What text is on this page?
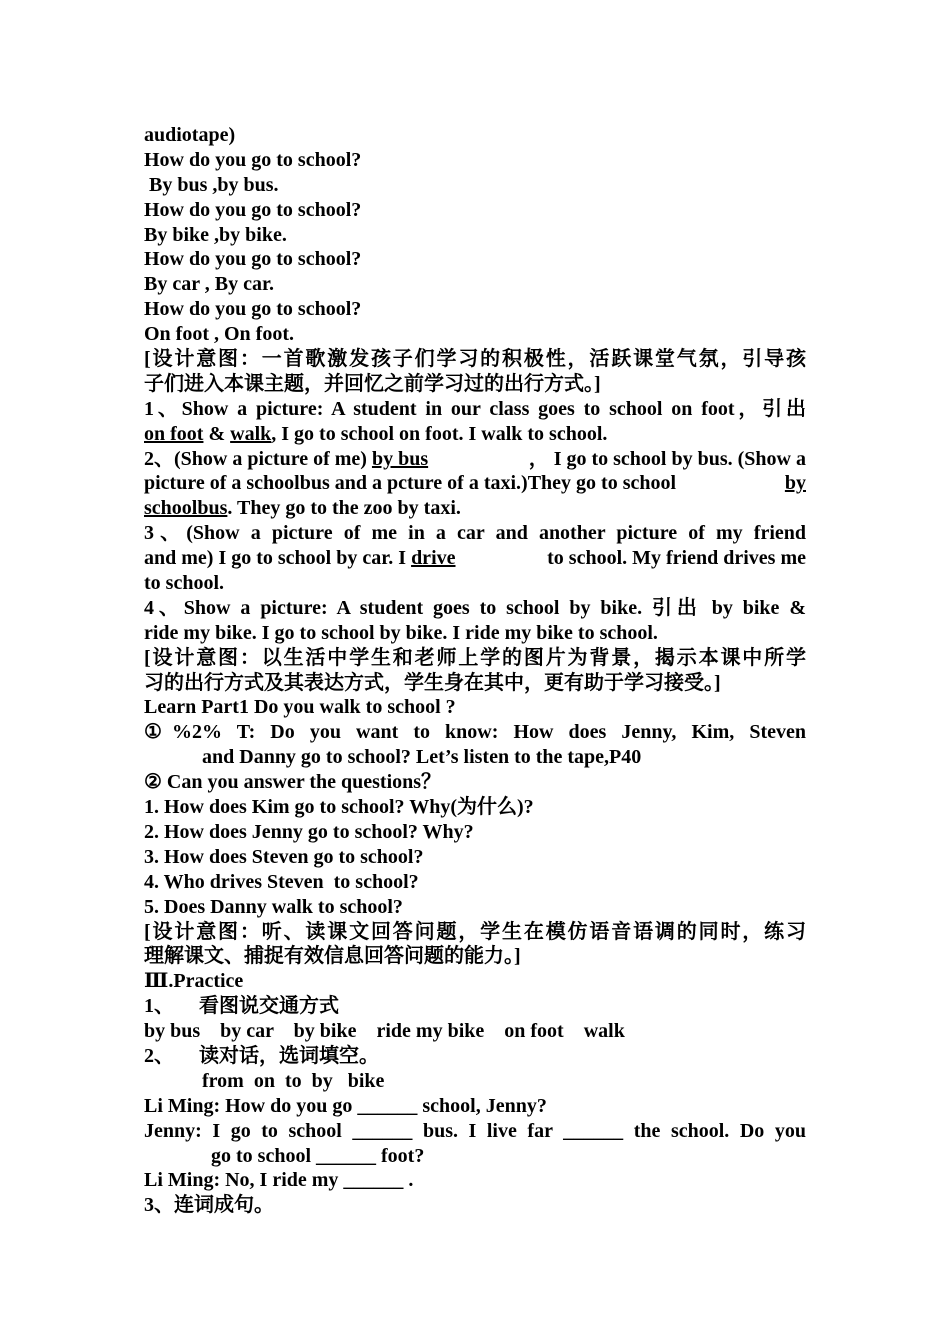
audiotape)
How do you go to school?
By bus ,by bus.
How do you go to school?
By bike ,by bike.
How do you go to school?
By car , By car.
How do you go to school?
On foot , On foot.
[设计意图：一首歌激发孩子们学习的积极性，活跃课堂气氛，引导孩
子们进入本课主题，并回忆之前学习过的出行方式。]
1、Show a picture: A student in our class goes to school on foot，引出
on foot & walk, I go to school on foot. I walk to school.
2、(Show a picture of me) by bus	， I go to school by bus. (Show a
picture of a schoolbus and a pcture of a taxi.)They go to school	by
schoolbus. They go to the zoo by taxi.
3、(Show a picture of me in a car and another picture of my friend
and me) I go to school by car. I drive	to school. My friend drives me
to school.
4、Show a picture: A student goes to school by bike. 引出 by bike &
ride my bike. I go to school by bike. I ride my bike to school.
[设计意图：以生活中学生和老师上学的图片为背景，揭示本课中所学
习的出行方式及其表达方式，学生身在其中，更有助于学习接受。]
Learn Part1 Do you walk to school ?
①%2% T: Do you want to know: How does Jenny, Kim, Steven
and Danny go to school? Let’s listen to the tape,P40
② Can you answer the questions？
1. How does Kim go to school? Why(为什么)?
2. How does Jenny go to school? Why?
3. How does Steven go to school?
4. Who drives Steven  to school?
5. Does Danny walk to school?
[设计意图：听、读课文回答问题，学生在模仿语音语调的同时，练习
理解课文、捕捉有效信息回答问题的能力。]
Ⅲ.Practice
1、     看图说交通方式
by bus    by car    by bike    ride my bike    on foot    walk
2、     读对话，选词填空。
from  on  to  by   bike
Li Ming: How do you go ______ school, Jenny?
Jenny: I go to school ______ bus. I live far ______ the school. Do you
go to school ______ foot?
Li Ming: No, I ride my ______ .
3、连词成句。
